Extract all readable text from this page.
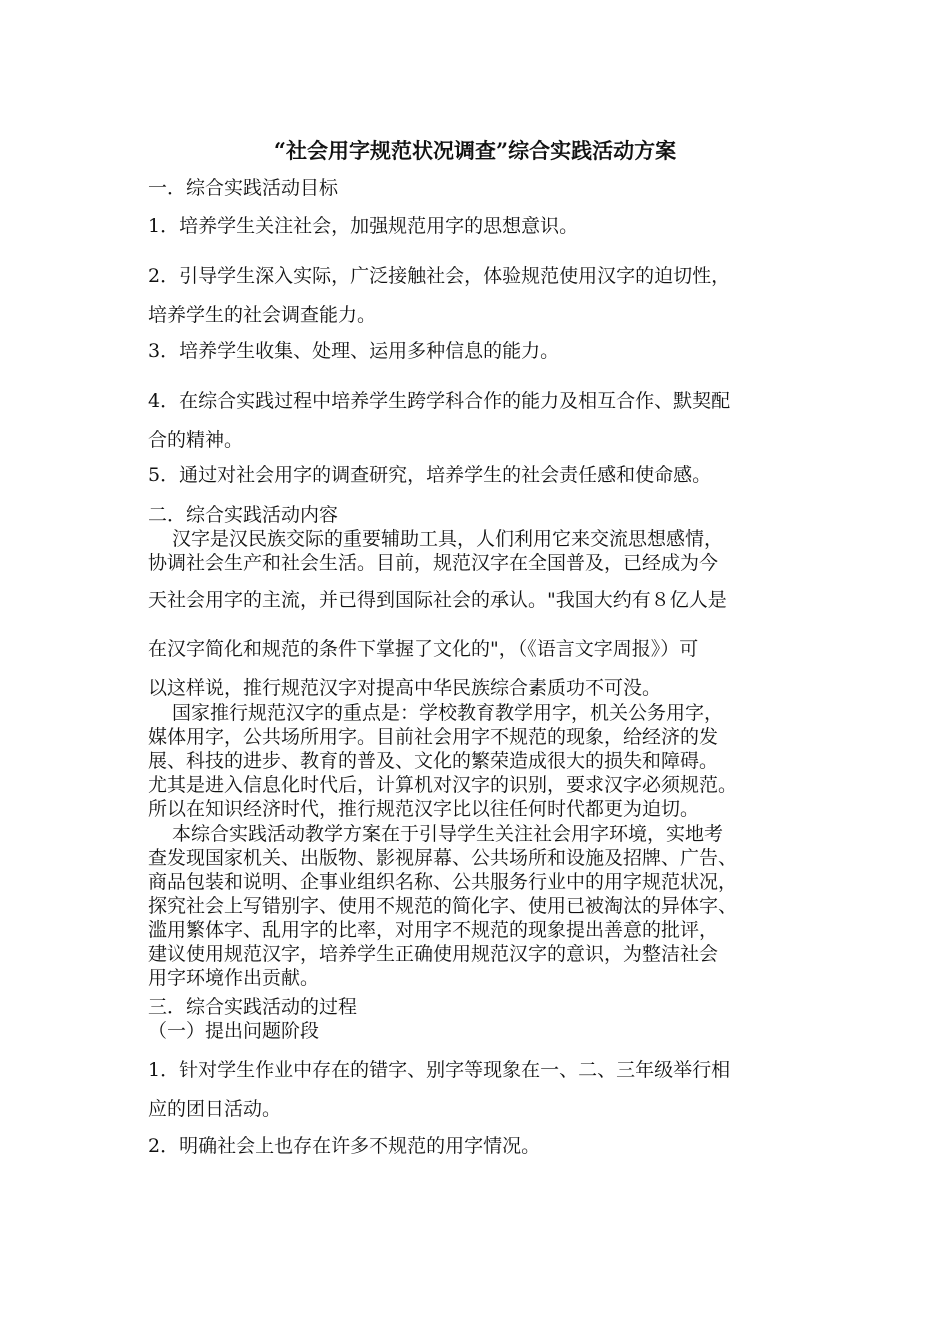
“社会用字规范状况调查”综合实践活动方案
一．综合实践活动目标
1．培养学生关注社会，加强规范用字的思想意识。
2．引导学生深入实际，广泛接触社会，体验规范使用汉字的迫切性，
培养学生的社会调查能力。
3．培养学生收集、处理、运用多种信息的能力。
4．在综合实践过程中培养学生跨学科合作的能力及相互合作、默契配
合的精神。
5．通过对社会用字的调查研究，培养学生的社会责任感和使命感。
二．综合实践活动内容
汉字是汉民族交际的重要辅助工具，人们利用它来交流思想感情，
协调社会生产和社会生活。目前，规范汉字在全国普及，已经成为今
天社会用字的主流，并已得到国际社会的承认。"我国大约有８亿人是
在汉字简化和规范的条件下掌握了文化的"，（《语言文字周报》）可
以这样说，推行规范汉字对提高中华民族综合素质功不可没。
国家推行规范汉字的重点是：学校教育教学用字，机关公务用字，
媒体用字，公共场所用字。目前社会用字不规范的现象，给经济的发
展、科技的进步、教育的普及、文化的繁荣造成很大的损失和障碍。
尤其是进入信息化时代后，计算机对汉字的识别，要求汉字必须规范。
所以在知识经济时代，推行规范汉字比以往任何时代都更为迫切。
本综合实践活动教学方案在于引导学生关注社会用字环境，实地考
查发现国家机关、出版物、影视屏幕、公共场所和设施及招牌、广告、
商品包装和说明、企事业组织名称、公共服务行业中的用字规范状况，
探究社会上写错别字、使用不规范的简化字、使用已被淘汰的异体字、
滥用繁体字、乱用字的比率，对用字不规范的现象提出善意的批评，
建议使用规范汉字，培养学生正确使用规范汉字的意识，为整洁社会
用字环境作出贡献。
三．综合实践活动的过程
（一）提出问题阶段
1．针对学生作业中存在的错字、别字等现象在一、二、三年级举行相
应的团日活动。
2．明确社会上也存在许多不规范的用字情况。
